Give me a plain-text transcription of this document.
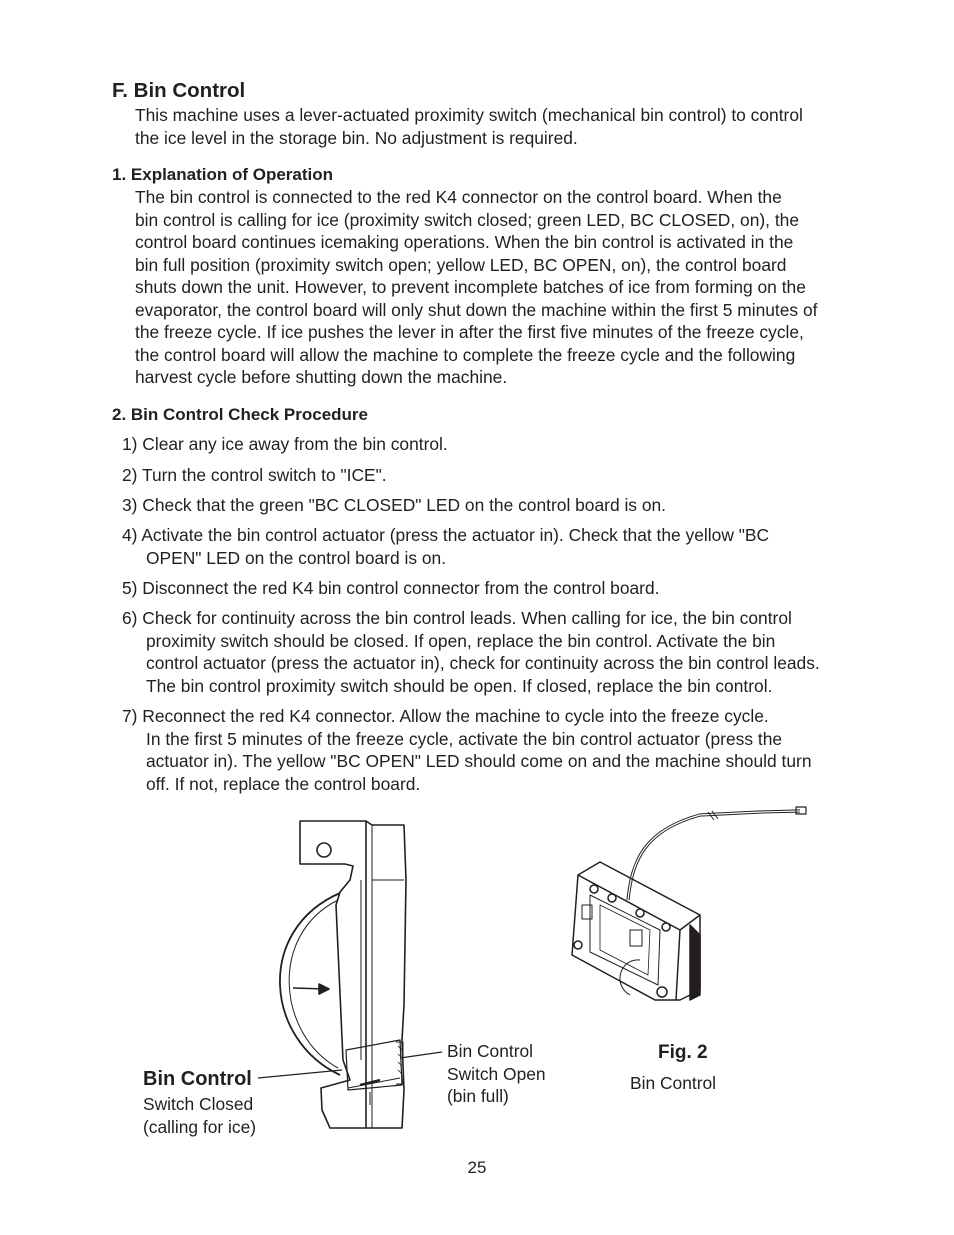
F. Bin Control
This machine uses a lever-actuated proximity switch (mechanical bin control) to control
the ice level in the storage bin. No adjustment is required.
1. Explanation of Operation
The bin control is connected to the red K4 connector on the control board. When the
bin control is calling for ice (proximity switch closed; green LED, BC CLOSED, on), the
control board continues icemaking operations. When the bin control is activated in the
bin full position (proximity switch open; yellow LED, BC OPEN, on), the control board
shuts down the unit. However, to prevent incomplete batches of ice from forming on the
evaporator, the control board will only shut down the machine within the first 5 minutes of
the freeze cycle. If ice pushes the lever in after the first five minutes of the freeze cycle,
the control board will allow the machine to complete the freeze cycle and the following
harvest cycle before shutting down the machine.
2. Bin Control Check Procedure
1) Clear any ice away from the bin control.
2) Turn the control switch to "ICE".
3) Check that the green "BC CLOSED" LED on the control board is on.
4) Activate the bin control actuator (press the actuator in). Check that the yellow "BC
OPEN" LED on the control board is on.
5) Disconnect the red K4 bin control connector from the control board.
6) Check for continuity across the bin control leads. When calling for ice, the bin control
proximity switch should be closed. If open, replace the bin control. Activate the bin
control actuator (press the actuator in), check for continuity across the bin control leads.
The bin control proximity switch should be open. If closed, replace the bin control.
7) Reconnect the red K4 connector. Allow the machine to cycle into the freeze cycle.
In the first 5 minutes of the freeze cycle, activate the bin control actuator (press the
actuator in). The yellow "BC OPEN" LED should come on and the machine should turn
off. If not, replace the control board.
Bin Control
Switch Closed
(calling for ice)
Bin Control
Switch Open
(bin full)
Fig. 2
Bin Control
25
